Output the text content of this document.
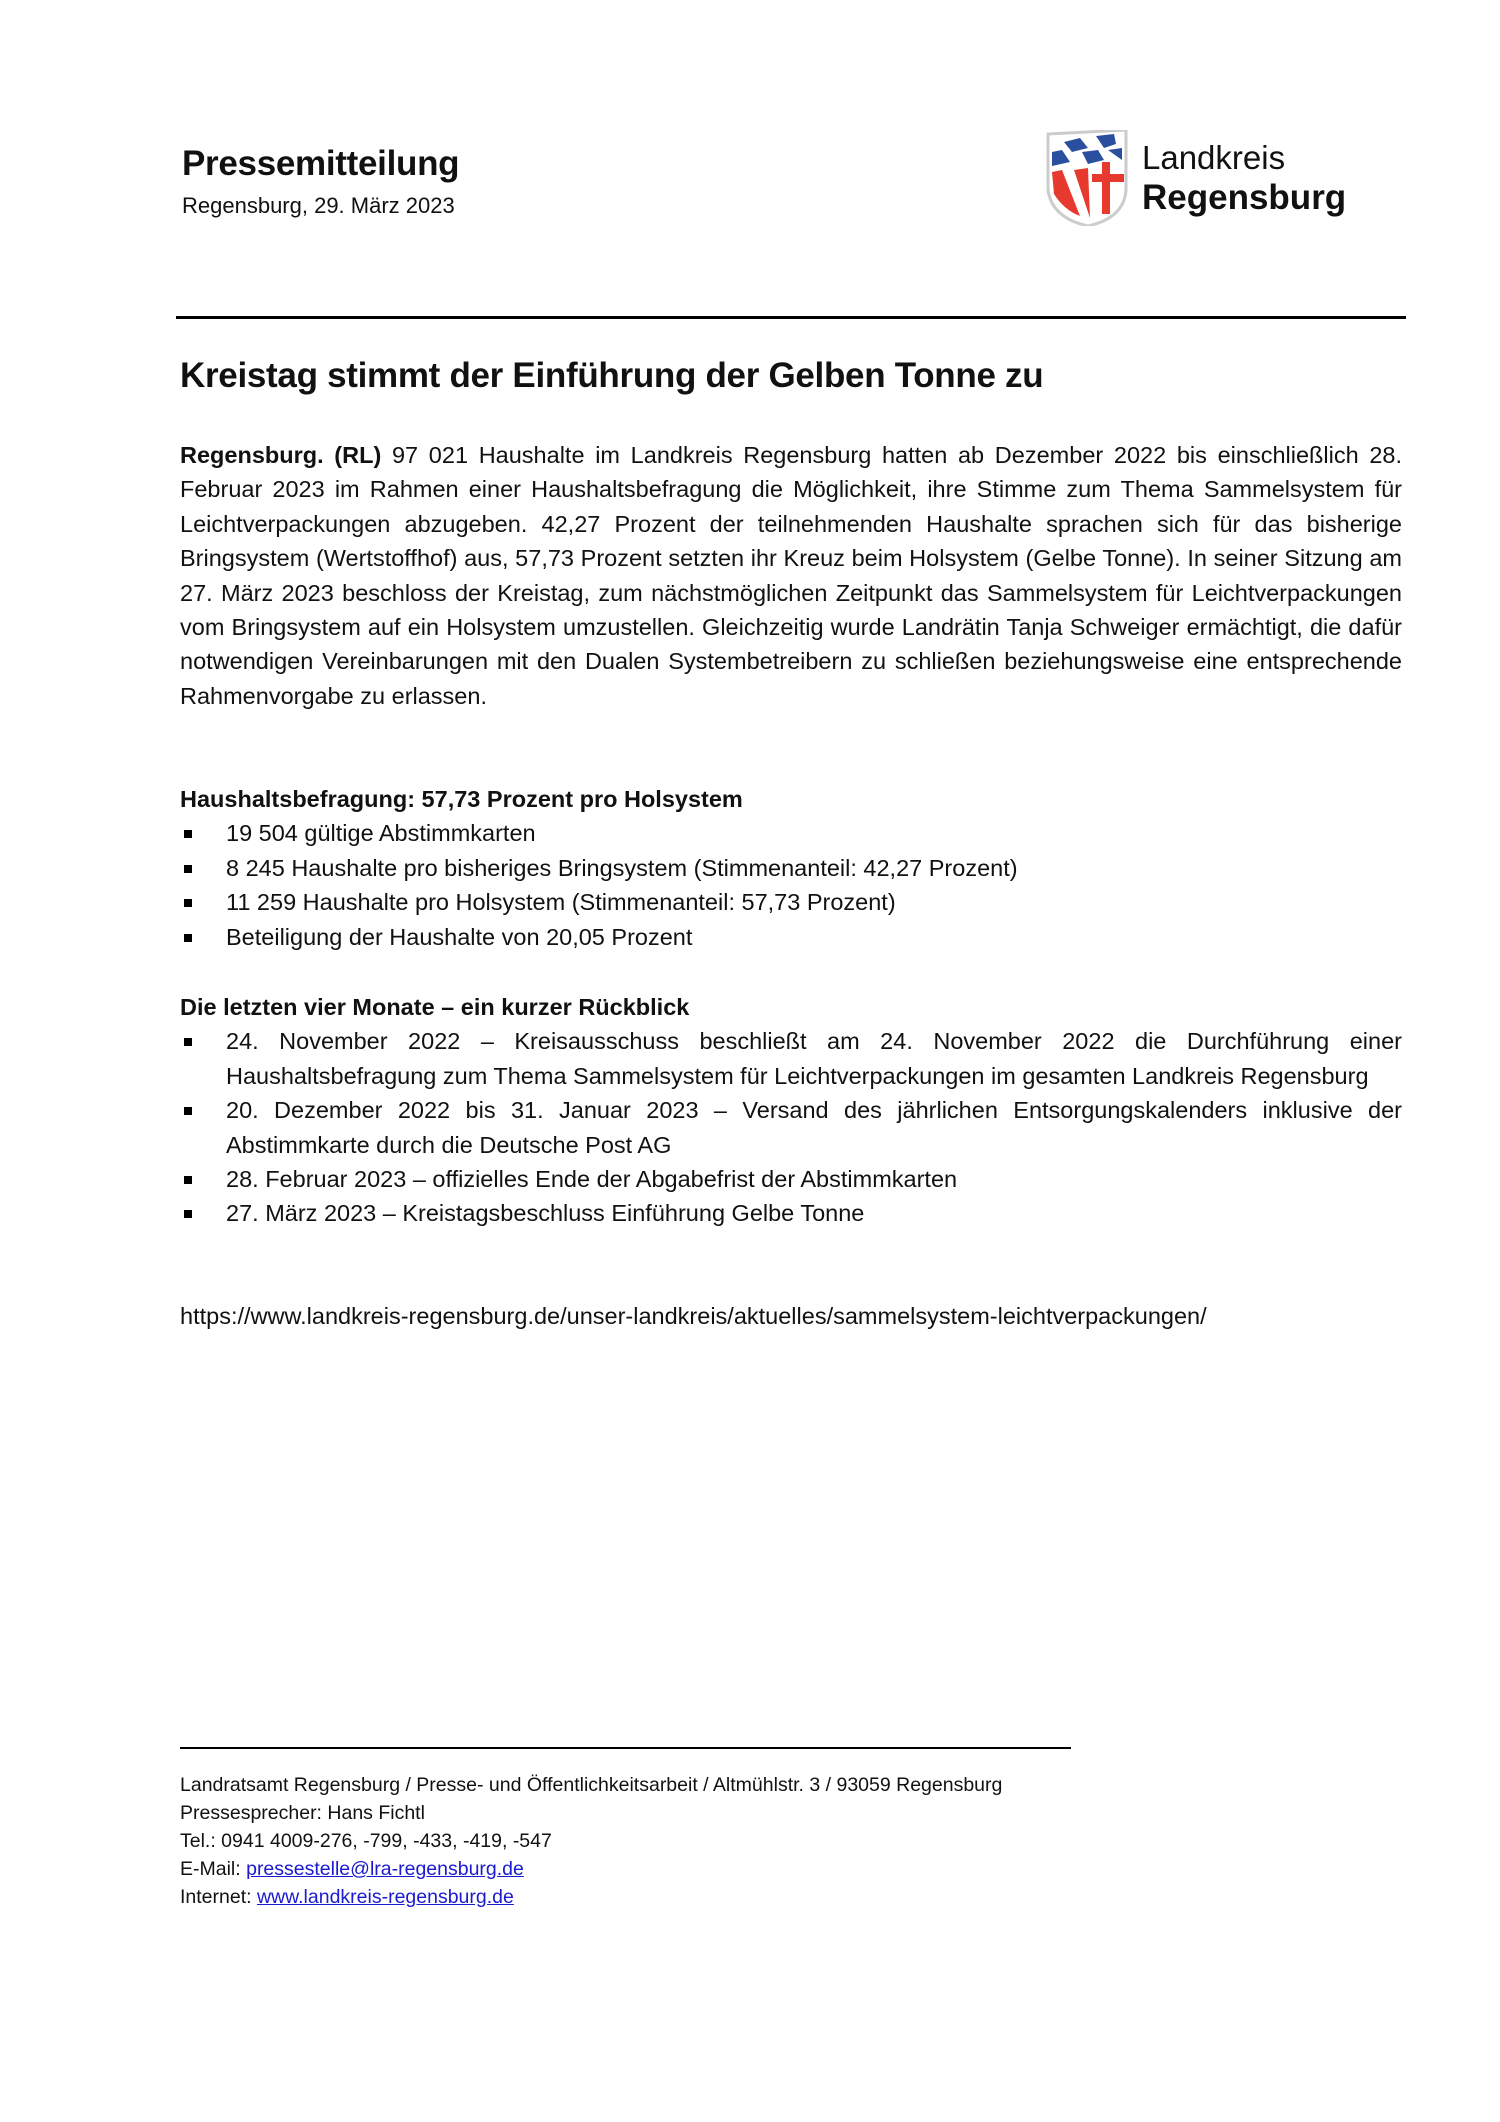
Pressemitteilung
Regensburg, 29. März 2023
Landkreis
Regensburg
Kreistag stimmt der Einführung der Gelben Tonne zu
Regensburg. (RL) 97 021 Haushalte im Landkreis Regensburg hatten ab Dezember 2022 bis einschließlich 28. Februar 2023 im Rahmen einer Haushaltsbefragung die Möglichkeit, ihre Stimme zum Thema Sammelsystem für Leichtverpackungen abzugeben. 42,27 Prozent der teilnehmenden Haushalte sprachen sich für das bisherige Bringsystem (Wertstoffhof) aus, 57,73 Prozent setzten ihr Kreuz beim Holsystem (Gelbe Tonne). In seiner Sitzung am 27. März 2023 beschloss der Kreistag, zum nächstmöglichen Zeitpunkt das Sammelsystem für Leichtverpackungen vom Bringsystem auf ein Holsystem umzustellen. Gleichzeitig wurde Landrätin Tanja Schweiger ermächtigt, die dafür notwendigen Vereinbarungen mit den Dualen Systembetreibern zu schließen beziehungsweise eine entsprechende Rahmenvorgabe zu erlassen.
Haushaltsbefragung: 57,73 Prozent pro Holsystem
19 504 gültige Abstimmkarten
8 245 Haushalte pro bisheriges Bringsystem (Stimmenanteil: 42,27 Prozent)
11 259 Haushalte pro Holsystem (Stimmenanteil: 57,73 Prozent)
Beteiligung der Haushalte von 20,05 Prozent
Die letzten vier Monate – ein kurzer Rückblick
24. November 2022 – Kreisausschuss beschließt am 24. November 2022 die Durchführung einer Haushaltsbefragung zum Thema Sammelsystem für Leichtverpackungen im gesamten Landkreis Regensburg
20. Dezember 2022 bis 31. Januar 2023 – Versand des jährlichen Entsorgungskalenders inklusive der Abstimmkarte durch die Deutsche Post AG
28. Februar 2023 – offizielles Ende der Abgabefrist der Abstimmkarten
27. März 2023 – Kreistagsbeschluss Einführung Gelbe Tonne
https://www.landkreis-regensburg.de/unser-landkreis/aktuelles/sammelsystem-leichtverpackungen/
Landratsamt Regensburg / Presse- und Öffentlichkeitsarbeit / Altmühlstr. 3 / 93059 Regensburg
Pressesprecher: Hans Fichtl
Tel.: 0941 4009-276, -799, -433, -419, -547
E-Mail: pressestelle@lra-regensburg.de
Internet: www.landkreis-regensburg.de
